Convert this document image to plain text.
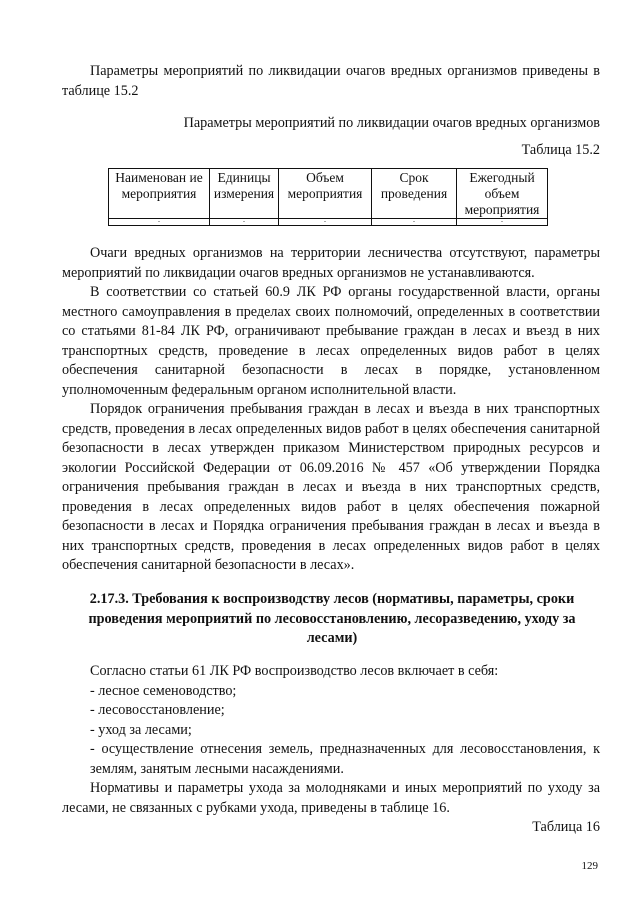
Параметры мероприятий по ликвидации очагов вредных организмов приведены в таблице 15.2

Параметры мероприятий по ликвидации очагов вредных организмов

Таблица 15.2

Наименован ие мероприятия	Единицы измерения	Объем мероприятия	Срок проведения	Ежегодный объем мероприятия
-	-	-	-	-

Очаги вредных организмов на территории лесничества отсутствуют, параметры мероприятий по ликвидации очагов вредных организмов не устанавливаются.

В соответствии со статьей 60.9 ЛК РФ органы государственной власти, органы местного самоуправления в пределах своих полномочий, определенных в соответствии со статьями 81-84 ЛК РФ, ограничивают пребывание граждан в лесах и въезд в них транспортных средств, проведение в лесах определенных видов работ в целях обеспечения санитарной безопасности в лесах в порядке, установленном уполномоченным федеральным органом исполнительной власти.

Порядок ограничения пребывания граждан в лесах и въезда в них транспортных средств, проведения в лесах определенных видов работ в целях обеспечения санитарной безопасности в лесах утвержден приказом Министерством природных ресурсов и экологии Российской Федерации от 06.09.2016 № 457 «Об утверждении Порядка ограничения пребывания граждан в лесах и въезда в них транспортных средств, проведения в лесах определенных видов работ в целях обеспечения пожарной безопасности в лесах и Порядка ограничения пребывания граждан в лесах и въезда в них транспортных средств, проведения в лесах определенных видов работ в целях обеспечения санитарной безопасности в лесах».

2.17.3. Требования к воспроизводству лесов (нормативы, параметры, сроки проведения мероприятий по лесовосстановлению, лесоразведению, уходу за лесами)

Согласно статьи 61 ЛК РФ воспроизводство лесов включает в себя:

- лесное семеноводство;

- лесовосстановление;

- уход за лесами;

- осуществление отнесения земель, предназначенных для лесовосстановления, к землям, занятым лесными насаждениями.

Нормативы и параметры ухода за молодняками и иных мероприятий по уходу за лесами, не связанных с рубками ухода, приведены в таблице 16.

Таблица 16

129
